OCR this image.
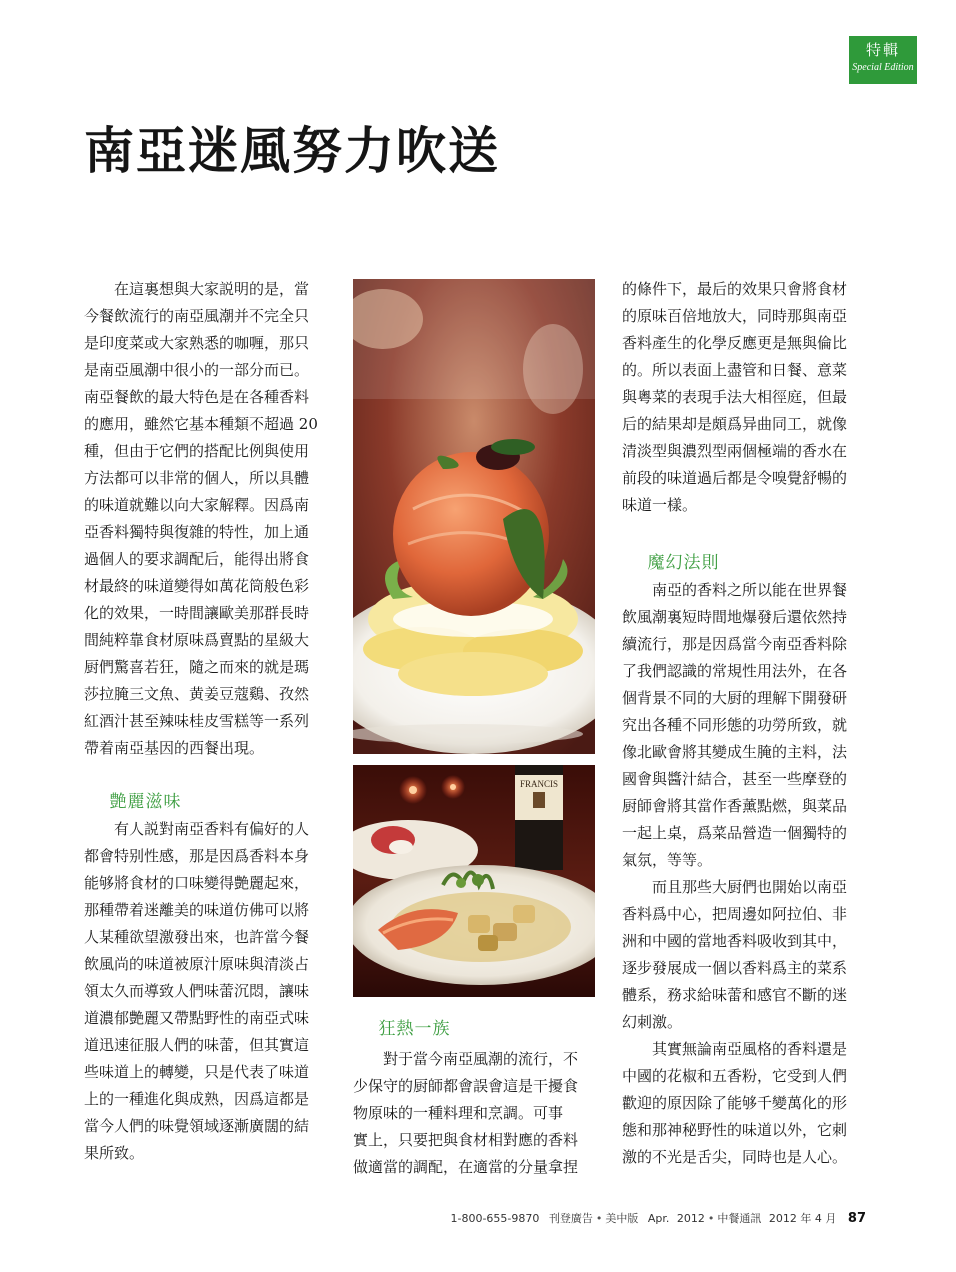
特輯
Special Edition
南亞迷風努力吹送

在這裏想與大家説明的是，當
今餐飲流行的南亞風潮并不完全只
是印度菜或大家熟悉的咖喱，那只
是南亞風潮中很小的一部分而已。
南亞餐飲的最大特色是在各種香料
的應用，雖然它基本種類不超過 20
種，但由于它們的搭配比例與使用
方法都可以非常的個人，所以具體
的味道就難以向大家解釋。因爲南
亞香料獨特與復雜的特性，加上通
過個人的要求調配后，能得出將食
材最終的味道變得如萬花筒般色彩
化的效果，一時間讓歐美那群長時
間純粹靠食材原味爲賣點的星級大
厨們驚喜若狂，隨之而來的就是瑪
莎拉腌三文魚、黄姜豆蔻鷄、孜然
紅酒汁甚至辣味桂皮雪糕等一系列
帶着南亞基因的西餐出現。

艶麗滋味

有人説對南亞香料有偏好的人
都會特别性感，那是因爲香料本身
能够將食材的口味變得艶麗起來，
那種帶着迷離美的味道仿佛可以將
人某種欲望激發出來，也許當今餐
飲風尚的味道被原汁原味與清淡占
領太久而導致人們味蕾沉悶，讓味
道濃郁艶麗又帶點野性的南亞式味
道迅速征服人們的味蕾，但其實這
些味道上的轉變，只是代表了味道
上的一種進化與成熟，因爲這都是
當今人們的味覺領域逐漸廣闊的結
果所致。

FRANCIS
狂熱一族

對于當今南亞風潮的流行，不
少保守的厨師都會誤會這是干擾食
物原味的一種料理和烹調。可事
實上，只要把與食材相對應的香料
做適當的調配，在適當的分量拿捏

的條件下，最后的效果只會將食材
的原味百倍地放大，同時那與南亞
香料產生的化學反應更是無與倫比
的。所以表面上盡管和日餐、意菜
與粵菜的表現手法大相徑庭，但最
后的結果却是頗爲异曲同工，就像
清淡型與濃烈型兩個極端的香水在
前段的味道過后都是令嗅覺舒暢的
味道一樣。

魔幻法則

南亞的香料之所以能在世界餐
飲風潮裏短時間地爆發后還依然持
續流行，那是因爲當今南亞香料除
了我們認識的常規性用法外，在各
個背景不同的大厨的理解下開發研
究出各種不同形態的功勞所致，就
像北歐會將其變成生腌的主料，法
國會與醬汁結合，甚至一些摩登的
厨師會將其當作香薰點燃，與菜品
一起上桌，爲菜品營造一個獨特的
氣氛，等等。

而且那些大厨們也開始以南亞
香料爲中心，把周邊如阿拉伯、非
洲和中國的當地香料吸收到其中，
逐步發展成一個以香料爲主的菜系
體系，務求給味蕾和感官不斷的迷
幻刺激。

其實無論南亞風格的香料還是
中國的花椒和五香粉，它受到人們
歡迎的原因除了能够千變萬化的形
態和那神秘野性的味道以外，它刺
激的不光是舌尖，同時也是人心。

1-800-655-9870 刊登廣告 • 美中版 Apr. 2012 • 中餐通訊 2012 年 4 月 87
